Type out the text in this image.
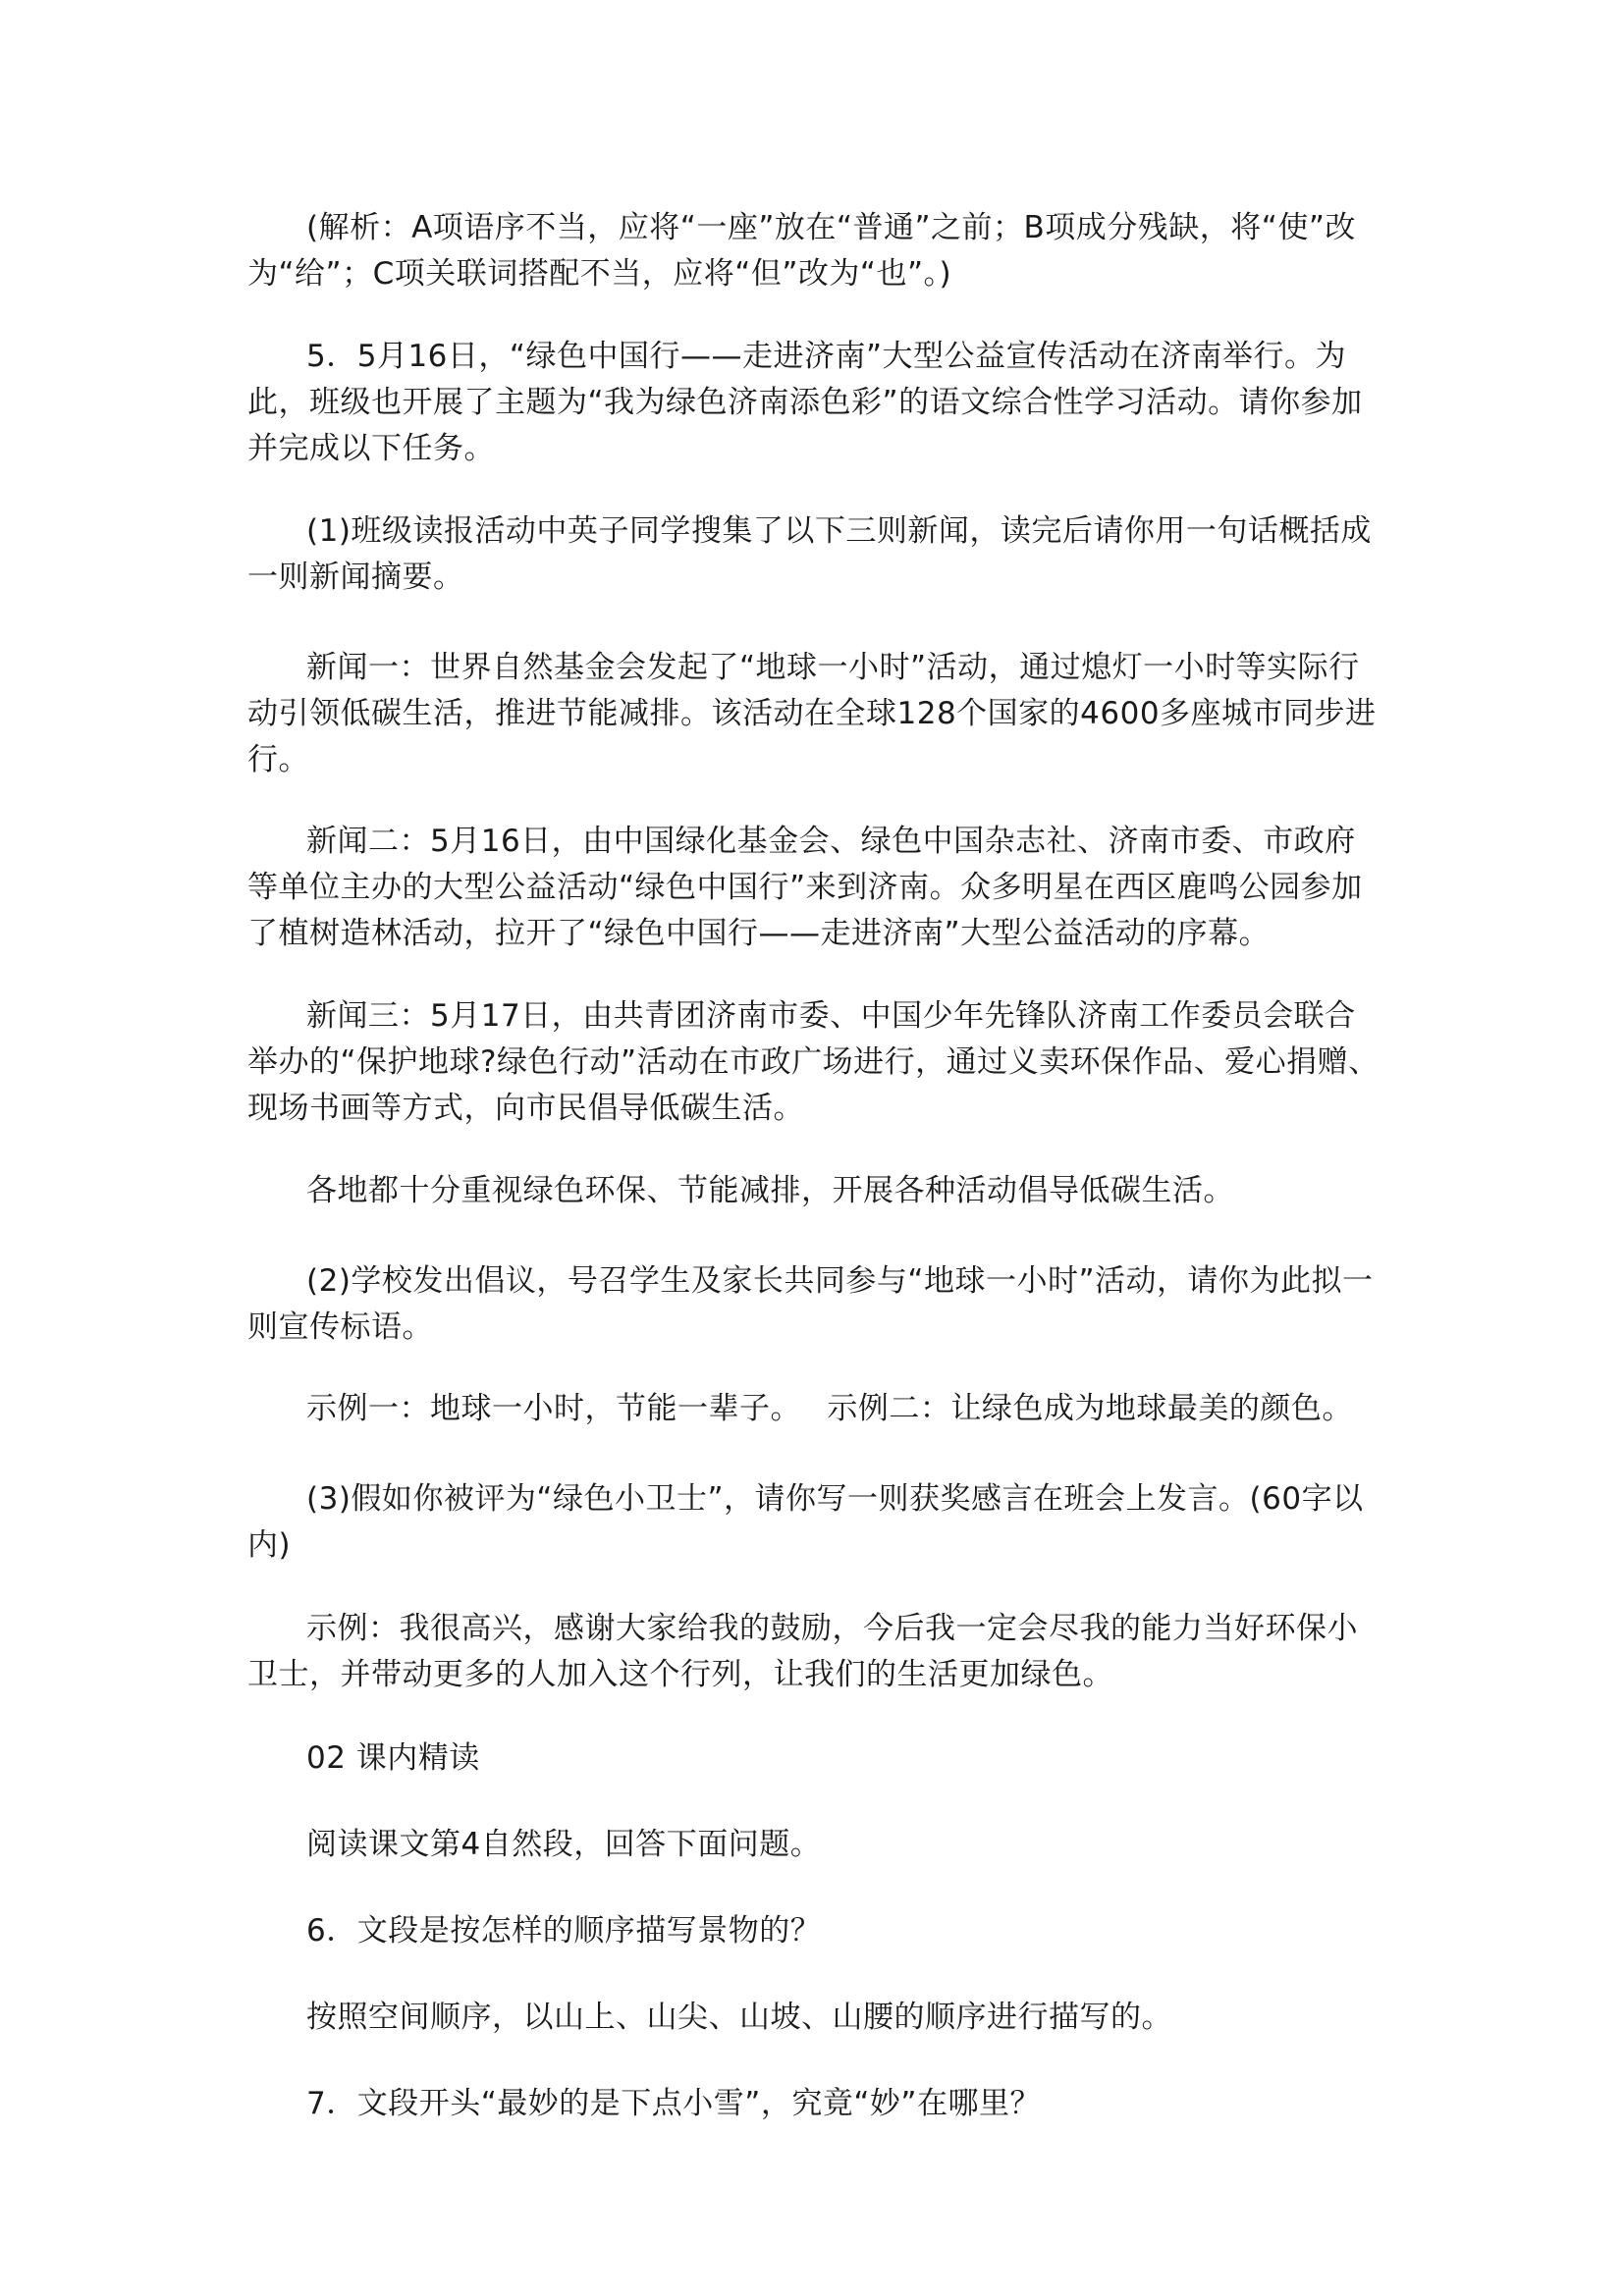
(解析：A项语序不当，应将“一座”放在“普通”之前；B项成分残缺，将“使”改为“给”；C项关联词搭配不当，应将“但”改为“也”。)

5．5月16日，“绿色中国行——走进济南”大型公益宣传活动在济南举行。为此，班级也开展了主题为“我为绿色济南添色彩”的语文综合性学习活动。请你参加并完成以下任务。

(1)班级读报活动中英子同学搜集了以下三则新闻，读完后请你用一句话概括成一则新闻摘要。

新闻一：世界自然基金会发起了“地球一小时”活动，通过熄灯一小时等实际行动引领低碳生活，推进节能减排。该活动在全球128个国家的4600多座城市同步进行。

新闻二：5月16日，由中国绿化基金会、绿色中国杂志社、济南市委、市政府等单位主办的大型公益活动“绿色中国行”来到济南。众多明星在西区鹿鸣公园参加了植树造林活动，拉开了“绿色中国行——走进济南”大型公益活动的序幕。

新闻三：5月17日，由共青团济南市委、中国少年先锋队济南工作委员会联合举办的“保护地球?绿色行动”活动在市政广场进行，通过义卖环保作品、爱心捐赠、现场书画等方式，向市民倡导低碳生活。

各地都十分重视绿色环保、节能减排，开展各种活动倡导低碳生活。

(2)学校发出倡议，号召学生及家长共同参与“地球一小时”活动，请你为此拟一则宣传标语。

示例一：地球一小时，节能一辈子。　 示例二：让绿色成为地球最美的颜色。

(3)假如你被评为“绿色小卫士”，请你写一则获奖感言在班会上发言。(60字以内)

示例：我很高兴，感谢大家给我的鼓励，今后我一定会尽我的能力当好环保小卫士，并带动更多的人加入这个行列，让我们的生活更加绿色。

02 课内精读

阅读课文第4自然段，回答下面问题。

6．文段是按怎样的顺序描写景物的？

按照空间顺序，以山上、山尖、山坡、山腰的顺序进行描写的。

7．文段开头“最妙的是下点小雪”，究竟“妙”在哪里？
